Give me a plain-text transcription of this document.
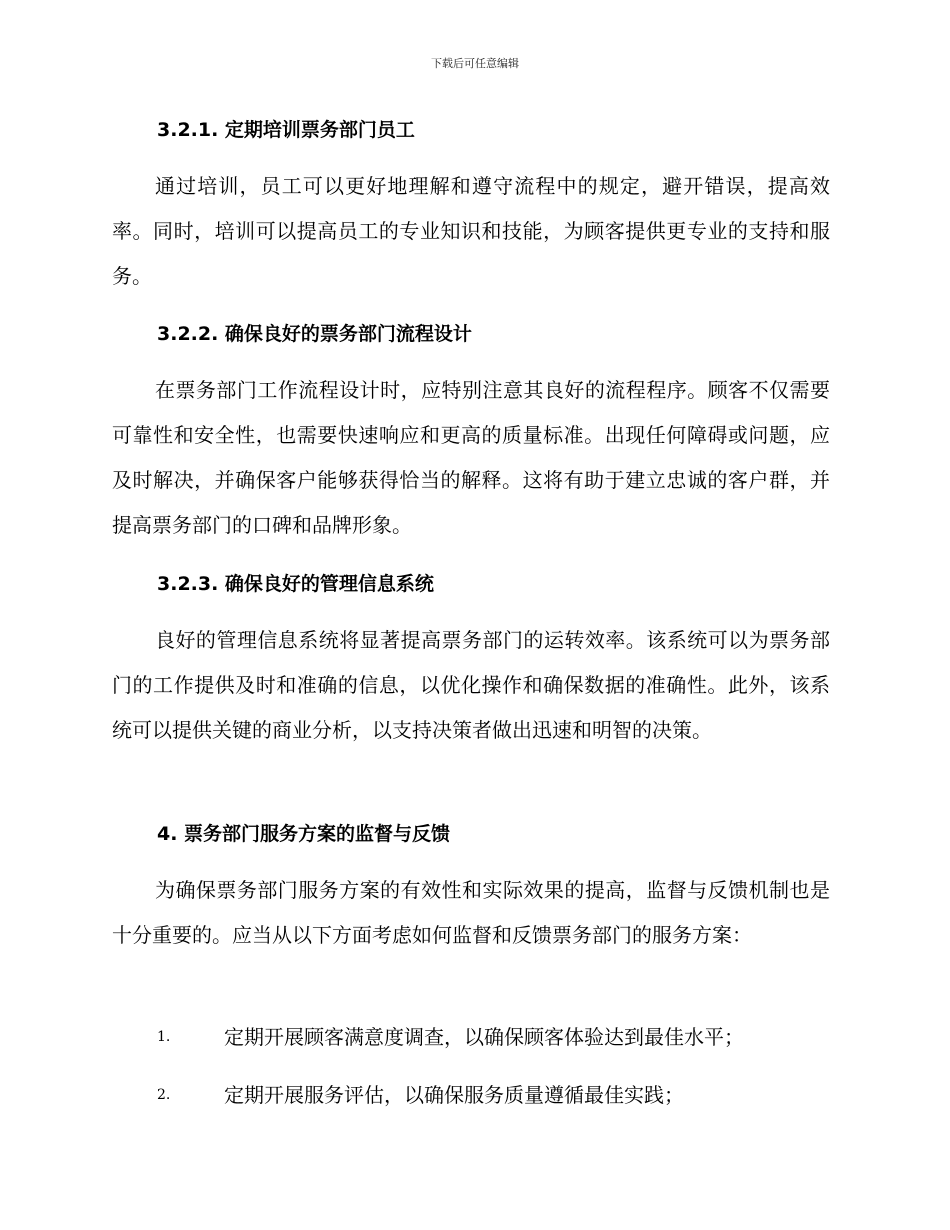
下载后可任意编辑
3.2.1. 定期培训票务部门员工
通过培训，员工可以更好地理解和遵守流程中的规定，避开错误，提高效率。同时，培训可以提高员工的专业知识和技能，为顾客提供更专业的支持和服务。
3.2.2. 确保良好的票务部门流程设计
在票务部门工作流程设计时，应特别注意其良好的流程程序。顾客不仅需要可靠性和安全性，也需要快速响应和更高的质量标准。出现任何障碍或问题，应及时解决，并确保客户能够获得恰当的解释。这将有助于建立忠诚的客户群，并提高票务部门的口碑和品牌形象。
3.2.3. 确保良好的管理信息系统
良好的管理信息系统将显著提高票务部门的运转效率。该系统可以为票务部门的工作提供及时和准确的信息，以优化操作和确保数据的准确性。此外，该系统可以提供关键的商业分析，以支持决策者做出迅速和明智的决策。
4. 票务部门服务方案的监督与反馈
为确保票务部门服务方案的有效性和实际效果的提高，监督与反馈机制也是十分重要的。应当从以下方面考虑如何监督和反馈票务部门的服务方案：
1.	定期开展顾客满意度调查，以确保顾客体验达到最佳水平；
2.	定期开展服务评估，以确保服务质量遵循最佳实践；
